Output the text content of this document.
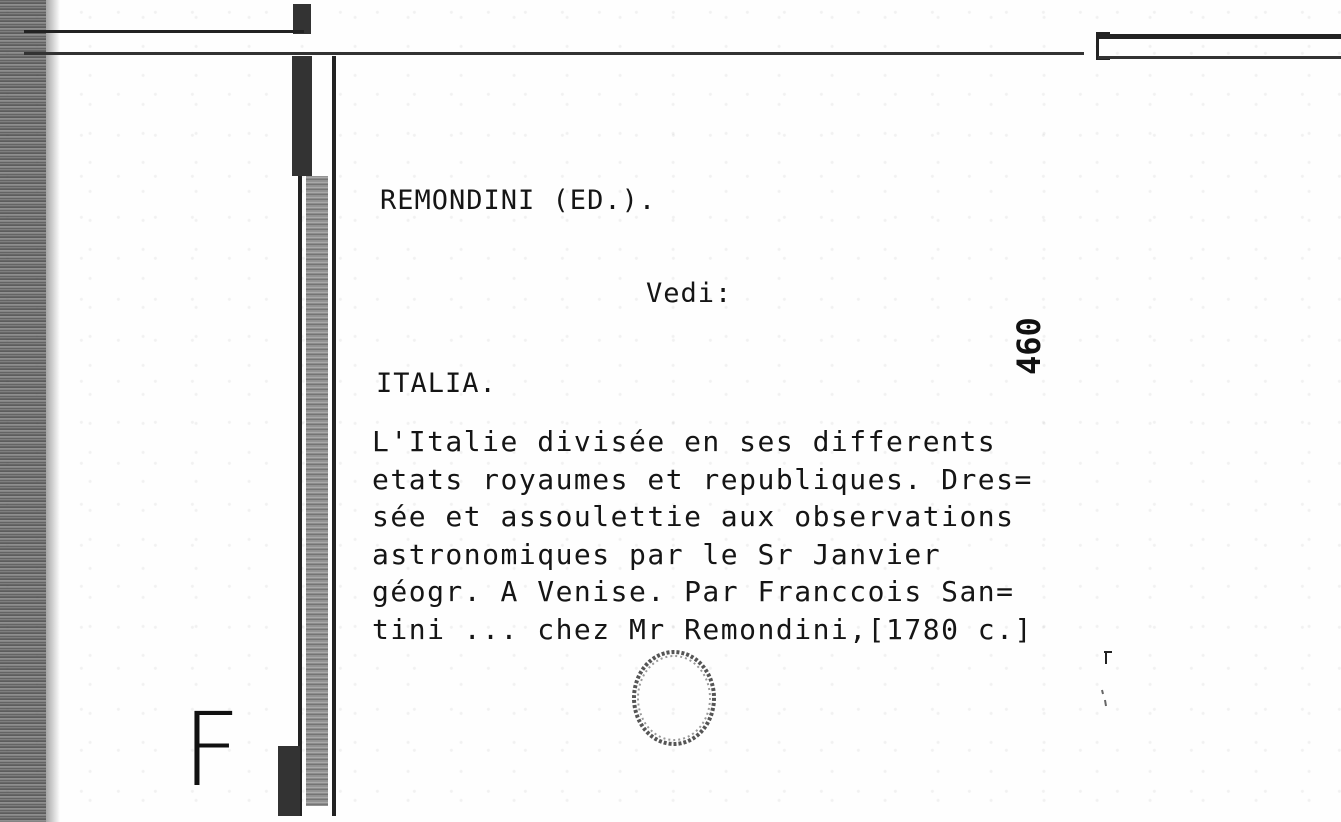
REMONDINI (ED.).
Vedi:
ITALIA.
L'Italie divisée en ses differents
etats royaumes et republiques. Dres=
sée et assoulettie aux observations
astronomiques par le Sr Janvier
géogr. A Venise. Par Franccois San=
tini ... chez Mr Remondini,[1780 c.]
460
F
